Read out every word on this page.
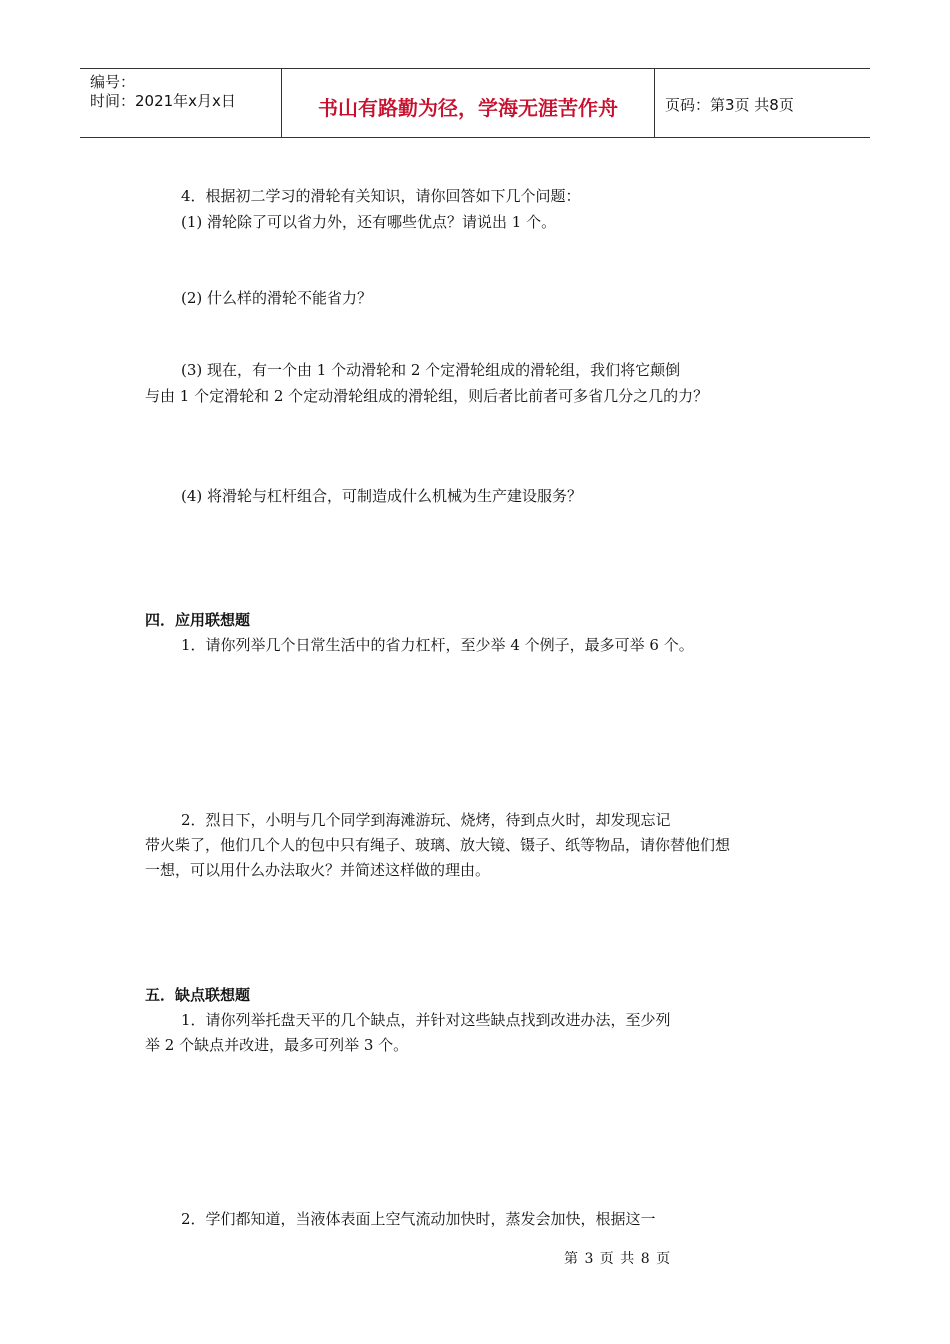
编号：
时间：2021年x月x日	书山有路勤为径，学海无涯苦作舟	页码：第3页 共8页
4．根据初二学习的滑轮有关知识，请你回答如下几个问题：
(1) 滑轮除了可以省力外，还有哪些优点？请说出 1 个。
(2) 什么样的滑轮不能省力？
(3) 现在，有一个由 1 个动滑轮和 2 个定滑轮组成的滑轮组，我们将它颠倒
与由 1 个定滑轮和 2 个定动滑轮组成的滑轮组，则后者比前者可多省几分之几的力？
(4) 将滑轮与杠杆组合，可制造成什么机械为生产建设服务？
四．应用联想题
1．请你列举几个日常生活中的省力杠杆，至少举 4 个例子，最多可举 6 个。
2．烈日下，小明与几个同学到海滩游玩、烧烤，待到点火时，却发现忘记
带火柴了，他们几个人的包中只有绳子、玻璃、放大镜、镊子、纸等物品，请你替他们想
一想，可以用什么办法取火？并简述这样做的理由。
五．缺点联想题
1．请你列举托盘天平的几个缺点，并针对这些缺点找到改进办法，至少列
举 2 个缺点并改进，最多可列举 3 个。
2．学们都知道，当液体表面上空气流动加快时，蒸发会加快，根据这一
第 3 页 共 8 页
